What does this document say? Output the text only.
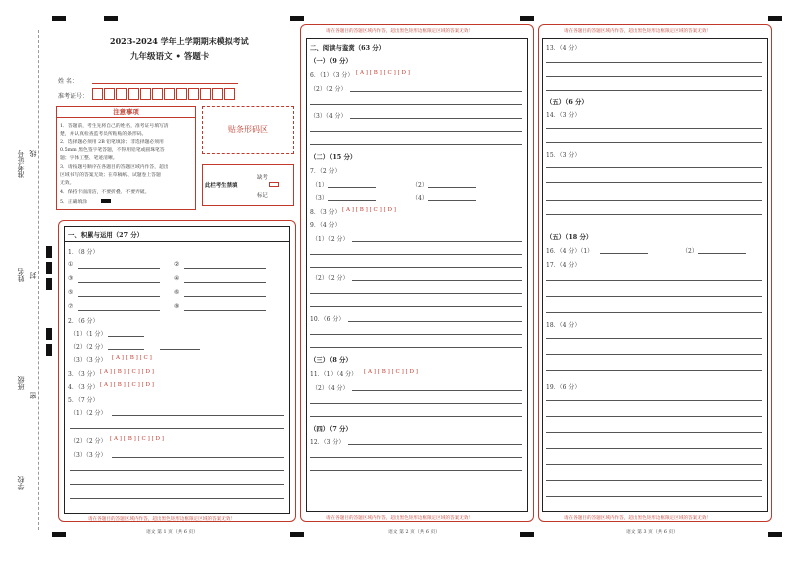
准考证号 线
姓名 封
班级
密
学校
2023-2024 学年上学期期末模拟考试
九年级语文 • 答题卡
姓 名：
准考证号：
注意事项
1．答题前，考生先将自己的姓名，准考证号填写清
楚，并认真检查监考员所粘贴的条形码。
2．选择题必须用 2B 铅笔填涂；非选择题必须用
0.5mm 黑色签字笔答题，不得用铅笔或圆珠笔答
题；字体工整、笔迹清晰。
3．请按题号顺序在各题目的答题区域内作答，超出
区域书写的答案无效；在草稿纸、试题卷上答题
无效。
4．保持卡面清洁，不要折叠、不要弄破。
5．正确填涂
贴条形码区
此栏考生禁填
缺考
标记
一、积累与运用（27 分）
1．（8 分）
①	②
③	④
⑤	⑥
⑦	⑧
2．（6 分）
（1）（1 分）
（2）（2 分）
（3）（3 分） [ A ] [ B ] [ C ]
3．（3 分） [ A ] [ B ] [ C ] [ D ]
4．（3 分） [ A ] [ B ] [ C ] [ D ]
5．（7 分）
（1）（2 分）
（2）（2 分） [ A ] [ B ] [ C ] [ D ]
（3）（3 分）
请在各题目的答题区域内作答，超出黑色矩形边框限定区域的答案无效！
语文 第 1 页（共 6 页）
请在各题目的答题区域内作答，超出黑色矩形边框限定区域的答案无效！
二、阅读与鉴赏（63 分）
（一）（9 分）
6．（1）（3 分） [ A ] [ B ] [ C ] [ D ]
（2）（2 分）
（3）（4 分）
（二）（15 分）
7．（2 分）
（1）	（2）
（3）	（4）
8．（3 分） [ A ] [ B ] [ C ] [ D ]
9．（4 分）
（1）（2 分）
（2）（2 分）
10．（6 分）
（三）（8 分）
11．（1）（4 分） [ A ] [ B ] [ C ] [ D ]
（2）（4 分）
（四）（7 分）
12．（3 分）
请在各题目的答题区域内作答，超出黑色矩形边框限定区域的答案无效！
语文 第 2 页（共 6 页）
请在各题目的答题区域内作答，超出黑色矩形边框限定区域的答案无效！
13．（4 分）
（五）（6 分）
14．（3 分）
15．（3 分）
（五）（18 分）
16．（4 分）（1）	（2）
17．（4 分）
18．（4 分）
19．（6 分）
请在各题目的答题区域内作答，超出黑色矩形边框限定区域的答案无效！
语文 第 3 页（共 6 页）
